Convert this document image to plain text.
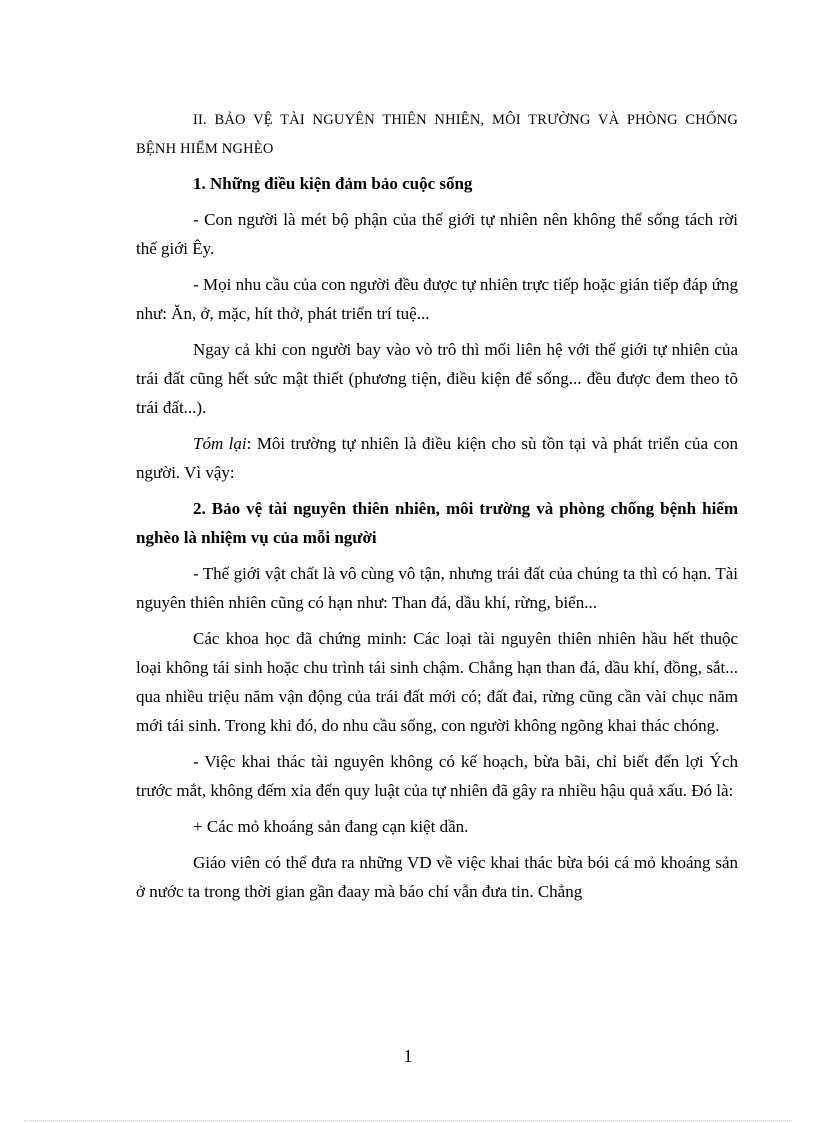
II. BẢO VỆ TÀI NGUYÊN THIÊN NHIÊN, MÔI TRƯỜNG VÀ PHÒNG CHỐNG BỆNH HIỂM NGHÈO

1. Những điều kiện đảm bảo cuộc sống

- Con người là mét bộ phận của thế giới tự nhiên nên không thể sống tách rời thế giới Êy.

- Mọi nhu cầu của con người đều được tự nhiên trực tiếp hoặc gián tiếp đáp ứng như: Ăn, ở, mặc, hít thở, phát triển trí tuệ...

Ngay cả khi con người bay vào vò trô thì mối liên hệ với thế giới tự nhiên của trái đất cũng hết sức mật thiết (phương tiện, điều kiện để sống... đều được đem theo tõ trái đất...).

Tóm lại: Môi trường tự nhiên là điều kiện cho sù tồn tại và phát triển của con người. Vì vậy:

2. Bảo vệ tài nguyên thiên nhiên, môi trường và phòng chống bệnh hiểm nghèo là nhiệm vụ của mỗi người

- Thế giới vật chất là vô cùng vô tận, nhưng trái đất của chúng ta thì có hạn. Tài nguyên thiên nhiên cũng có hạn như: Than đá, dầu khí, rừng, biển...

Các khoa học đã chứng minh: Các loại tài nguyên thiên nhiên hầu hết thuộc loại không tái sinh hoặc chu trình tái sinh chậm. Chẳng hạn than đá, dầu khí, đồng, sắt... qua nhiều triệu năm vận động của trái đất mới có; đất đai, rừng cũng cần vài chục năm mới tái sinh. Trong khi đó, do nhu cầu sống, con người không ngõng khai thác chóng.

- Việc khai thác tài nguyên không có kế hoạch, bừa bãi, chỉ biết đến lợi Ých trước mắt, không đếm xỉa đến quy luật của tự nhiên đã gây ra nhiều hậu quả xấu. Đó là:

+ Các mỏ khoáng sản đang cạn kiệt dần.

Giáo viên có thể đưa ra những VD về việc khai thác bừa bói cá mỏ khoáng sản ở nước ta trong thời gian gần đaay mà báo chí vẫn đưa tin. Chẳng

1
